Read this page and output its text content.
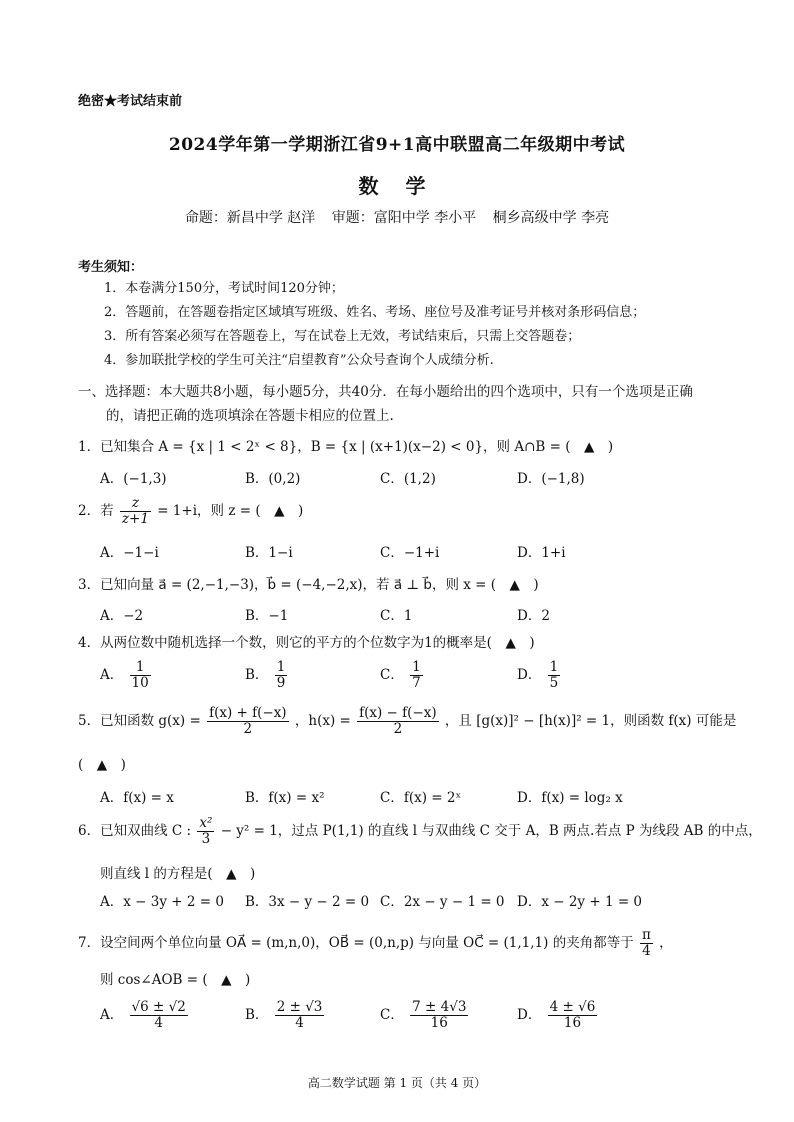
绝密★考试结束前
2024学年第一学期浙江省9+1高中联盟高二年级期中考试
数 学
命题：新昌中学 赵洋 审题：富阳中学 李小平 桐乡高级中学 李亮
考生须知：
1．本卷满分150分，考试时间120分钟；
2．答题前，在答题卷指定区域填写班级、姓名、考场、座位号及准考证号并核对条形码信息；
3．所有答案必须写在答题卷上，写在试卷上无效，考试结束后，只需上交答题卷；
4．参加联批学校的学生可关注“启望教育”公众号查询个人成绩分析.
一、选择题：本大题共8小题，每小题5分，共40分．在每小题给出的四个选项中，只有一个选项是正确
的，请把正确的选项填涂在答题卡相应的位置上.
1．已知集合 A = {x | 1 < 2ˣ < 8}，B = {x | (x+1)(x−2) < 0}，则 A∩B = (　▲　)
A．(−1,3)	B．(0,2)	C．(1,2)	D．(−1,8)
2．若 $\frac{z}{z+1} = 1+i$，则 z = (　▲　)
A．−1−i	B．1−i	C．−1+i	D．1+i
3．已知向量 a⃗ = (2,−1,−3)，b⃗ = (−4,−2,x)，若 a⃗ ⊥ b⃗，则 x = (　▲　)
A．−2	B．−1	C．1	D．2
4．从两位数中随机选择一个数，则它的平方的个位数字为1的概率是(　▲　)
A． $\frac{1}{10}$	B． $\frac{1}{9}$	C． $\frac{1}{7}$	D． $\frac{1}{5}$
5．已知函数 $g(x) = \frac{f(x) + f(-x)}{2}$ ，$h(x) = \frac{f(x) - f(-x)}{2}$ ，且 [g(x)]² − [h(x)]² = 1，则函数 f(x) 可能是
(　▲　)
A．f(x) = x	B．f(x) = x²	C．f(x) = 2ˣ	D．f(x) = log₂ x
6．已知双曲线 C : $\frac{\text{x²}}{3} - y^2 = 1$，过点 P(1,1) 的直线 l 与双曲线 C 交于 A，B 两点.若点 P 为线段 AB 的中点，
则直线 l 的方程是(　▲　)
A．x − 3y + 2 = 0 B．3x − y − 2 = 0 C．2x − y − 1 = 0 D．x − 2y + 1 = 0
7．设空间两个单位向量 OA⃗ = (m,n,0)，OB⃗ = (0,n,p) 与向量 OC⃗ = (1,1,1) 的夹角都等于 $\frac{\pi}{4}$ ，
则 cos∠AOB = (　▲　)
A． $\frac{√6 \pm √2}{4}$	B． $\frac{2 \pm √3}{4}$	C． $\frac{7 \pm 4√3}{16}$	D． $\frac{4 \pm √6}{16}$
高二数学试题 第 1 页（共 4 页）
